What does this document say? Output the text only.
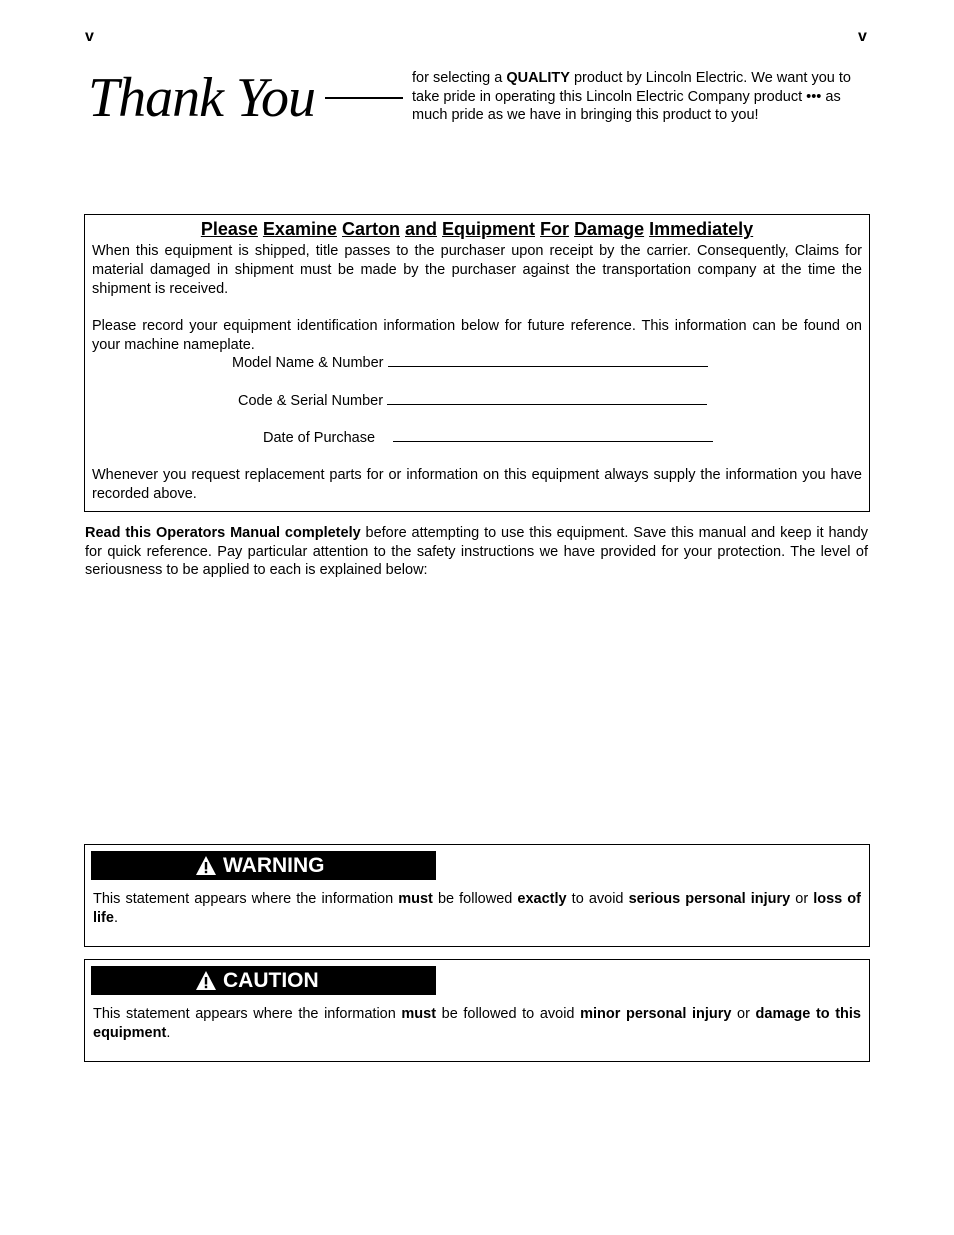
v	v
Thank You	for selecting a QUALITY product by Lincoln Electric. We want you to take pride in operating this Lincoln Electric Company product ••• as much pride as we have in bringing this product to you!
Please Examine Carton and Equipment For Damage Immediately
When this equipment is shipped, title passes to the purchaser upon receipt by the carrier. Consequently, Claims for material damaged in shipment must be made by the purchaser against the transportation company at the time the shipment is received.
Please record your equipment identification information below for future reference. This information can be found on your machine nameplate.
Model Name & Number
Code & Serial Number
Date of Purchase
Whenever you request replacement parts for or information on this equipment always supply the information you have recorded above.
Read this Operators Manual completely before attempting to use this equipment. Save this manual and keep it handy for quick reference. Pay particular attention to the safety instructions we have provided for your protection. The level of seriousness to be applied to each is explained below:
WARNING
This statement appears where the information must be followed exactly to avoid serious personal injury or loss of life.
CAUTION
This statement appears where the information must be followed to avoid minor personal injury or damage to this equipment.
